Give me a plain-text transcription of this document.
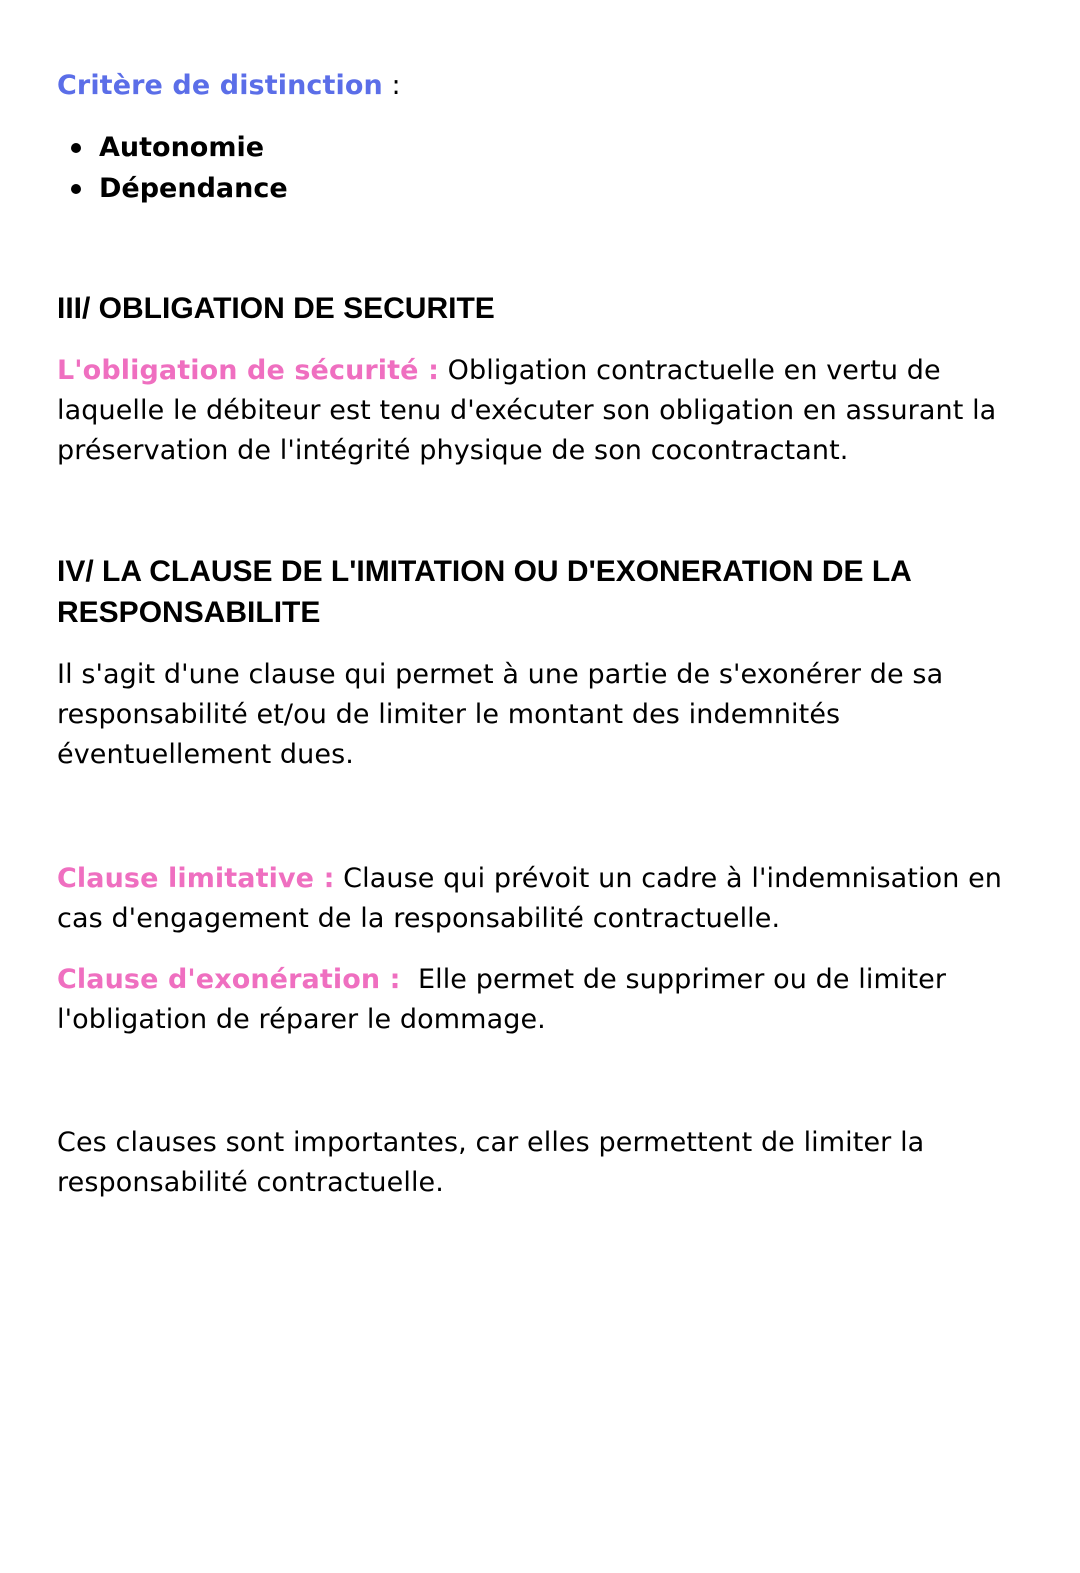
Critère de distinction :

Autonomie
Dépendance
III/ OBLIGATION DE SECURITE

L'obligation de sécurité : Obligation contractuelle en vertu de laquelle le débiteur est tenu d'exécuter son obligation en assurant la préservation de l'intégrité physique de son cocontractant.

IV/ LA CLAUSE DE L'IMITATION OU D'EXONERATION DE LA RESPONSABILITE

Il s'agit d'une clause qui permet à une partie de s'exonérer de sa responsabilité et/ou de limiter le montant des indemnités éventuellement dues.

Clause limitative : Clause qui prévoit un cadre à l'indemnisation en cas d'engagement de la responsabilité contractuelle.

Clause d'exonération :  Elle permet de supprimer ou de limiter l'obligation de réparer le dommage.

Ces clauses sont importantes, car elles permettent de limiter la responsabilité contractuelle.
